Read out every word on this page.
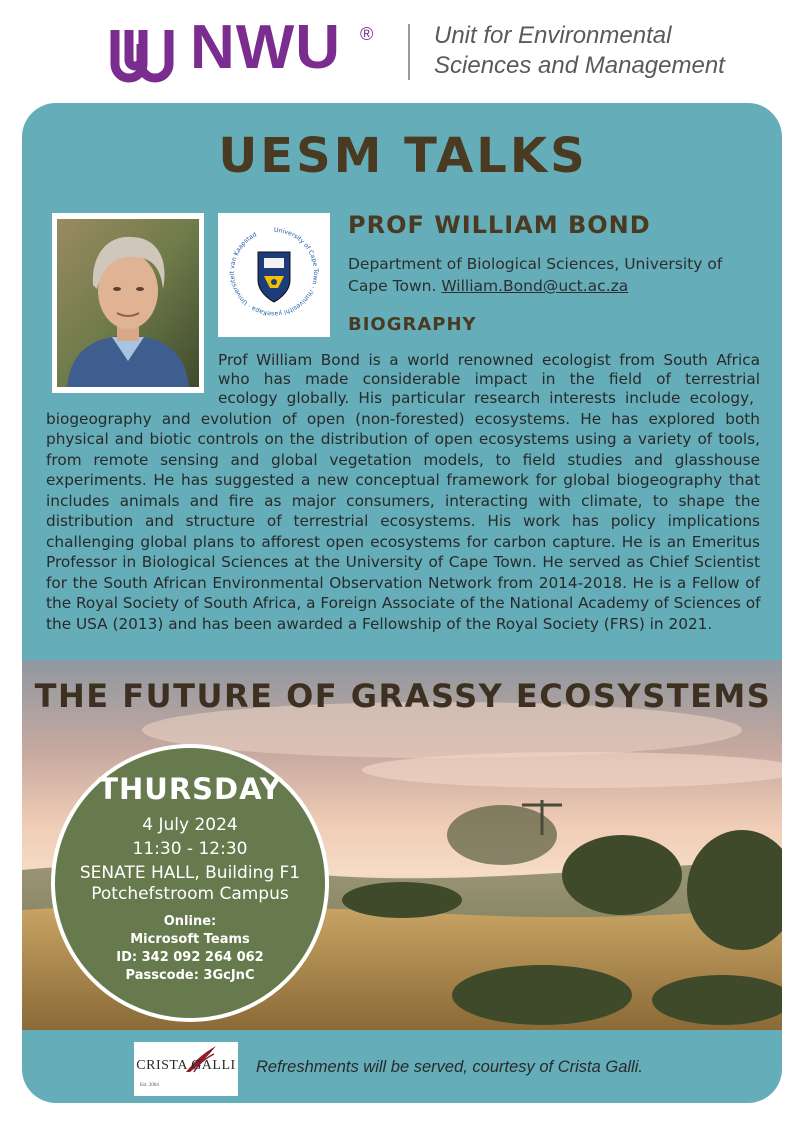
NWU ®	Unit for Environmental
Sciences and Management
UESM TALKS
University of Cape Town · iYunivesithi yaseKapa · Universiteit van Kaapstad	PROF WILLIAM BOND
Department of Biological Sciences, University of
Cape Town. William.Bond@uct.ac.za
BIOGRAPHY
Prof William Bond is a world renowned ecologist from South Africa
who has made considerable impact in the field of terrestrial
ecology globally. His particular research interests include ecology,
biogeography and evolution of open (non-forested) ecosystems. He has explored both
physical and biotic controls on the distribution of open ecosystems using a variety of tools,
from remote sensing and global vegetation models, to field studies and glasshouse
experiments. He has suggested a new conceptual framework for global biogeography that
includes animals and fire as major consumers, interacting with climate, to shape the
distribution and structure of terrestrial ecosystems. His work has policy implications
challenging global plans to afforest open ecosystems for carbon capture. He is an Emeritus
Professor in Biological Sciences at the University of Cape Town. He served as Chief Scientist
for the South African Environmental Observation Network from 2014-2018. He is a Fellow of
the Royal Society of South Africa, a Foreign Associate of the National Academy of Sciences of
the USA (2013) and has been awarded a Fellowship of the Royal Society (FRS) in 2021.
THE FUTURE OF GRASSY ECOSYSTEMS
THURSDAY
4 July 2024
11:30 - 12:30
SENATE HALL, Building F1
Potchefstroom Campus
Online:
Microsoft Teams
ID: 342 092 264 062
Passcode: 3GcJnC
CRISTA GALLI
Est. 2004
Refreshments will be served, courtesy of Crista Galli.
